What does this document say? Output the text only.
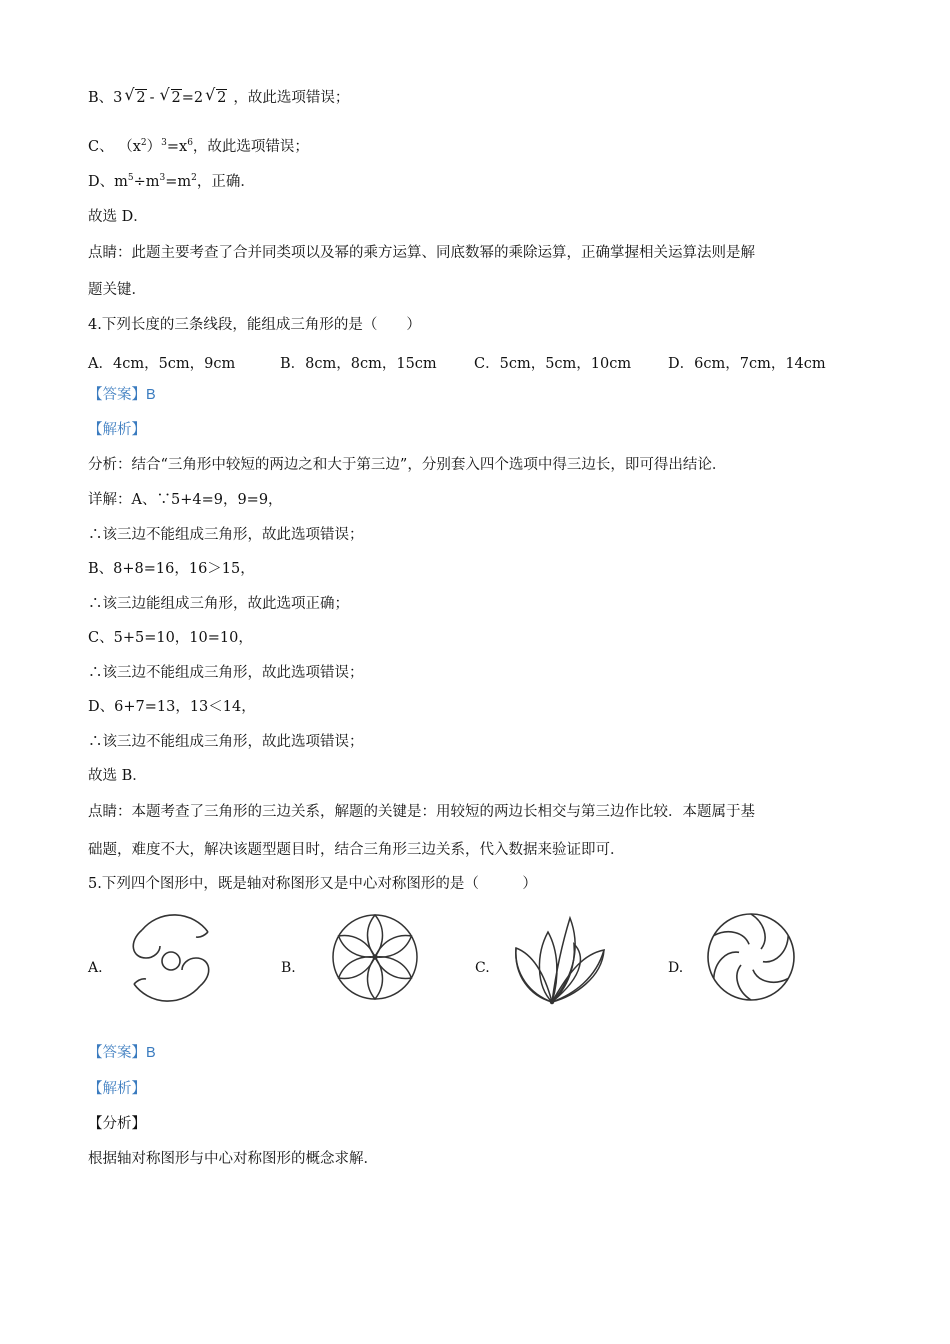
B、3 √ 2 - √ 2=2 √ 2 ，故此选项错误；
C、 $(x^2)^3=x^6$，故此选项错误；
D、$m^5\div m^3=m^2$，正确．
故选 D．
点睛：此题主要考查了合并同类项以及幂的乘方运算、同底数幂的乘除运算，正确掌握相关运算法则是解
题关键．
4.下列长度的三条线段，能组成三角形的是（　　）
A．4cm，5cm，9cm	B．8cm，8cm，15cm	C．5cm，5cm，10cm	D．6cm，7cm，14cm
【答案】B
【解析】
分析：结合“三角形中较短的两边之和大于第三边”，分别套入四个选项中得三边长，即可得出结论．
详解：A、∵5+4=9，9=9，
∴该三边不能组成三角形，故此选项错误；
B、8+8=16，16＞15，
∴该三边能组成三角形，故此选项正确；
C、5+5=10，10=10，
∴该三边不能组成三角形，故此选项错误；
D、6+7=13，13＜14，
∴该三边不能组成三角形，故此选项错误；
故选 B．
点睛：本题考查了三角形的三边关系，解题的关键是：用较短的两边长相交与第三边作比较．本题属于基
础题，难度不大，解决该题型题目时，结合三角形三边关系，代入数据来验证即可．
5.下列四个图形中，既是轴对称图形又是中心对称图形的是（　　　）
A.	B.	C.	D.
【答案】B
【解析】
【分析】
根据轴对称图形与中心对称图形的概念求解．
